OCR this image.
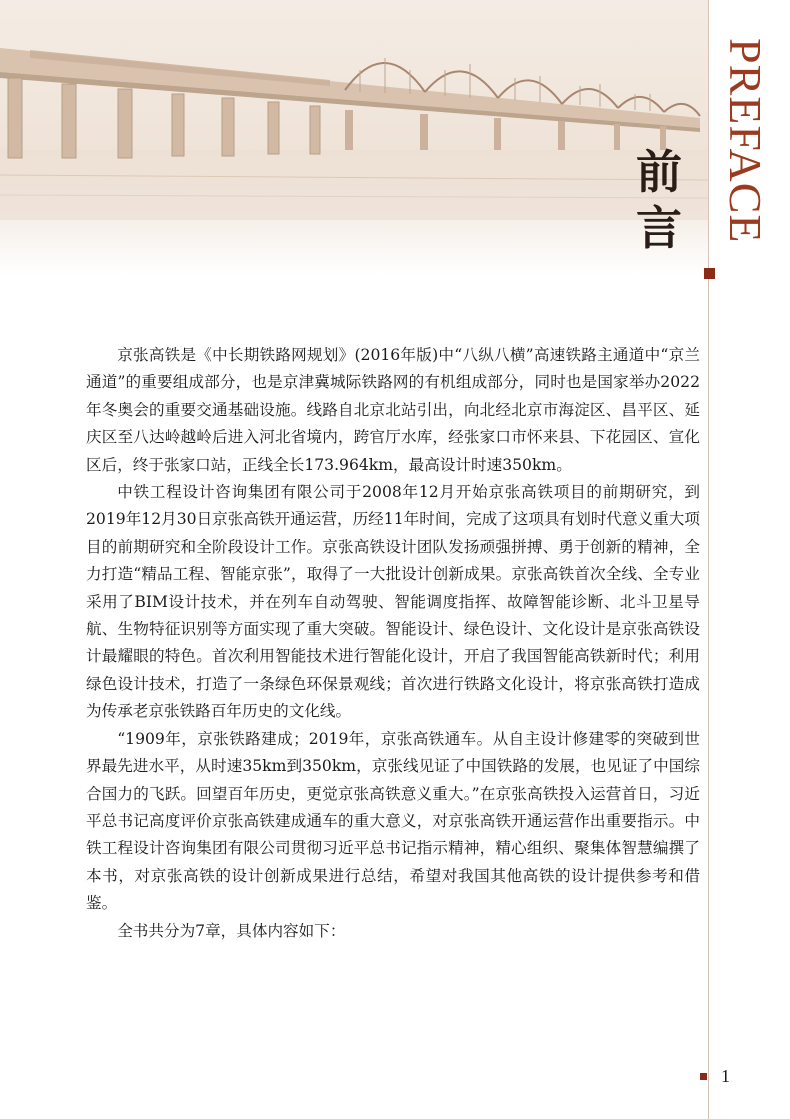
PREFACE
前
言

京张高铁是《中长期铁路网规划》(2016年版)中“八纵八横”高速铁路主通道中“京兰通道”的重要组成部分，也是京津冀城际铁路网的有机组成部分，同时也是国家举办2022年冬奥会的重要交通基础设施。线路自北京北站引出，向北经北京市海淀区、昌平区、延庆区至八达岭越岭后进入河北省境内，跨官厅水库，经张家口市怀来县、下花园区、宣化区后，终于张家口站，正线全长173.964km，最高设计时速350km。

中铁工程设计咨询集团有限公司于2008年12月开始京张高铁项目的前期研究，到2019年12月30日京张高铁开通运营，历经11年时间，完成了这项具有划时代意义重大项目的前期研究和全阶段设计工作。京张高铁设计团队发扬顽强拼搏、勇于创新的精神，全力打造“精品工程、智能京张”，取得了一大批设计创新成果。京张高铁首次全线、全专业采用了BIM设计技术，并在列车自动驾驶、智能调度指挥、故障智能诊断、北斗卫星导航、生物特征识别等方面实现了重大突破。智能设计、绿色设计、文化设计是京张高铁设计最耀眼的特色。首次利用智能技术进行智能化设计，开启了我国智能高铁新时代；利用绿色设计技术，打造了一条绿色环保景观线；首次进行铁路文化设计，将京张高铁打造成为传承老京张铁路百年历史的文化线。

“1909年，京张铁路建成；2019年，京张高铁通车。从自主设计修建零的突破到世界最先进水平，从时速35km到350km，京张线见证了中国铁路的发展，也见证了中国综合国力的飞跃。回望百年历史，更觉京张高铁意义重大。”在京张高铁投入运营首日，习近平总书记高度评价京张高铁建成通车的重大意义，对京张高铁开通运营作出重要指示。中铁工程设计咨询集团有限公司贯彻习近平总书记指示精神，精心组织、聚集体智慧编撰了本书，对京张高铁的设计创新成果进行总结，希望对我国其他高铁的设计提供参考和借鉴。

全书共分为7章，具体内容如下：

1
